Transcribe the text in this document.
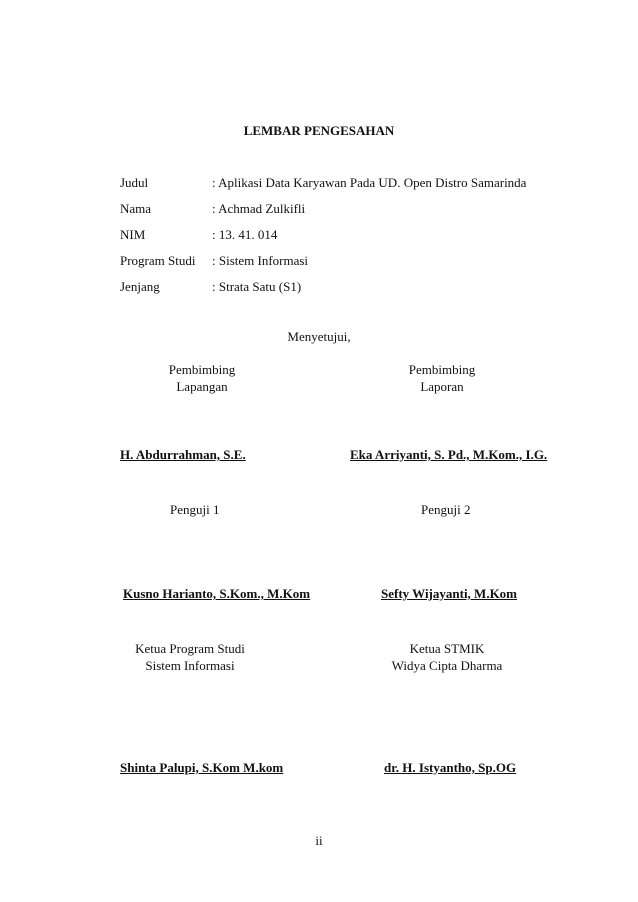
LEMBAR PENGESAHAN
Judul	: Aplikasi Data Karyawan Pada UD. Open Distro Samarinda
Nama	: Achmad Zulkifli
NIM	: 13. 41. 014
Program Studi : Sistem Informasi
Jenjang	: Strata Satu (S1)
Menyetujui,
Pembimbing
Lapangan
Pembimbing
Laporan
H. Abdurrahman, S.E.	Eka Arriyanti, S. Pd., M.Kom., I.G.
Penguji 1	Penguji 2
Kusno Harianto, S.Kom., M.Kom	Sefty Wijayanti, M.Kom
Ketua Program Studi
Sistem Informasi
Ketua STMIK
Widya Cipta Dharma
Shinta Palupi, S.Kom M.kom	dr. H. Istyantho, Sp.OG
ii
